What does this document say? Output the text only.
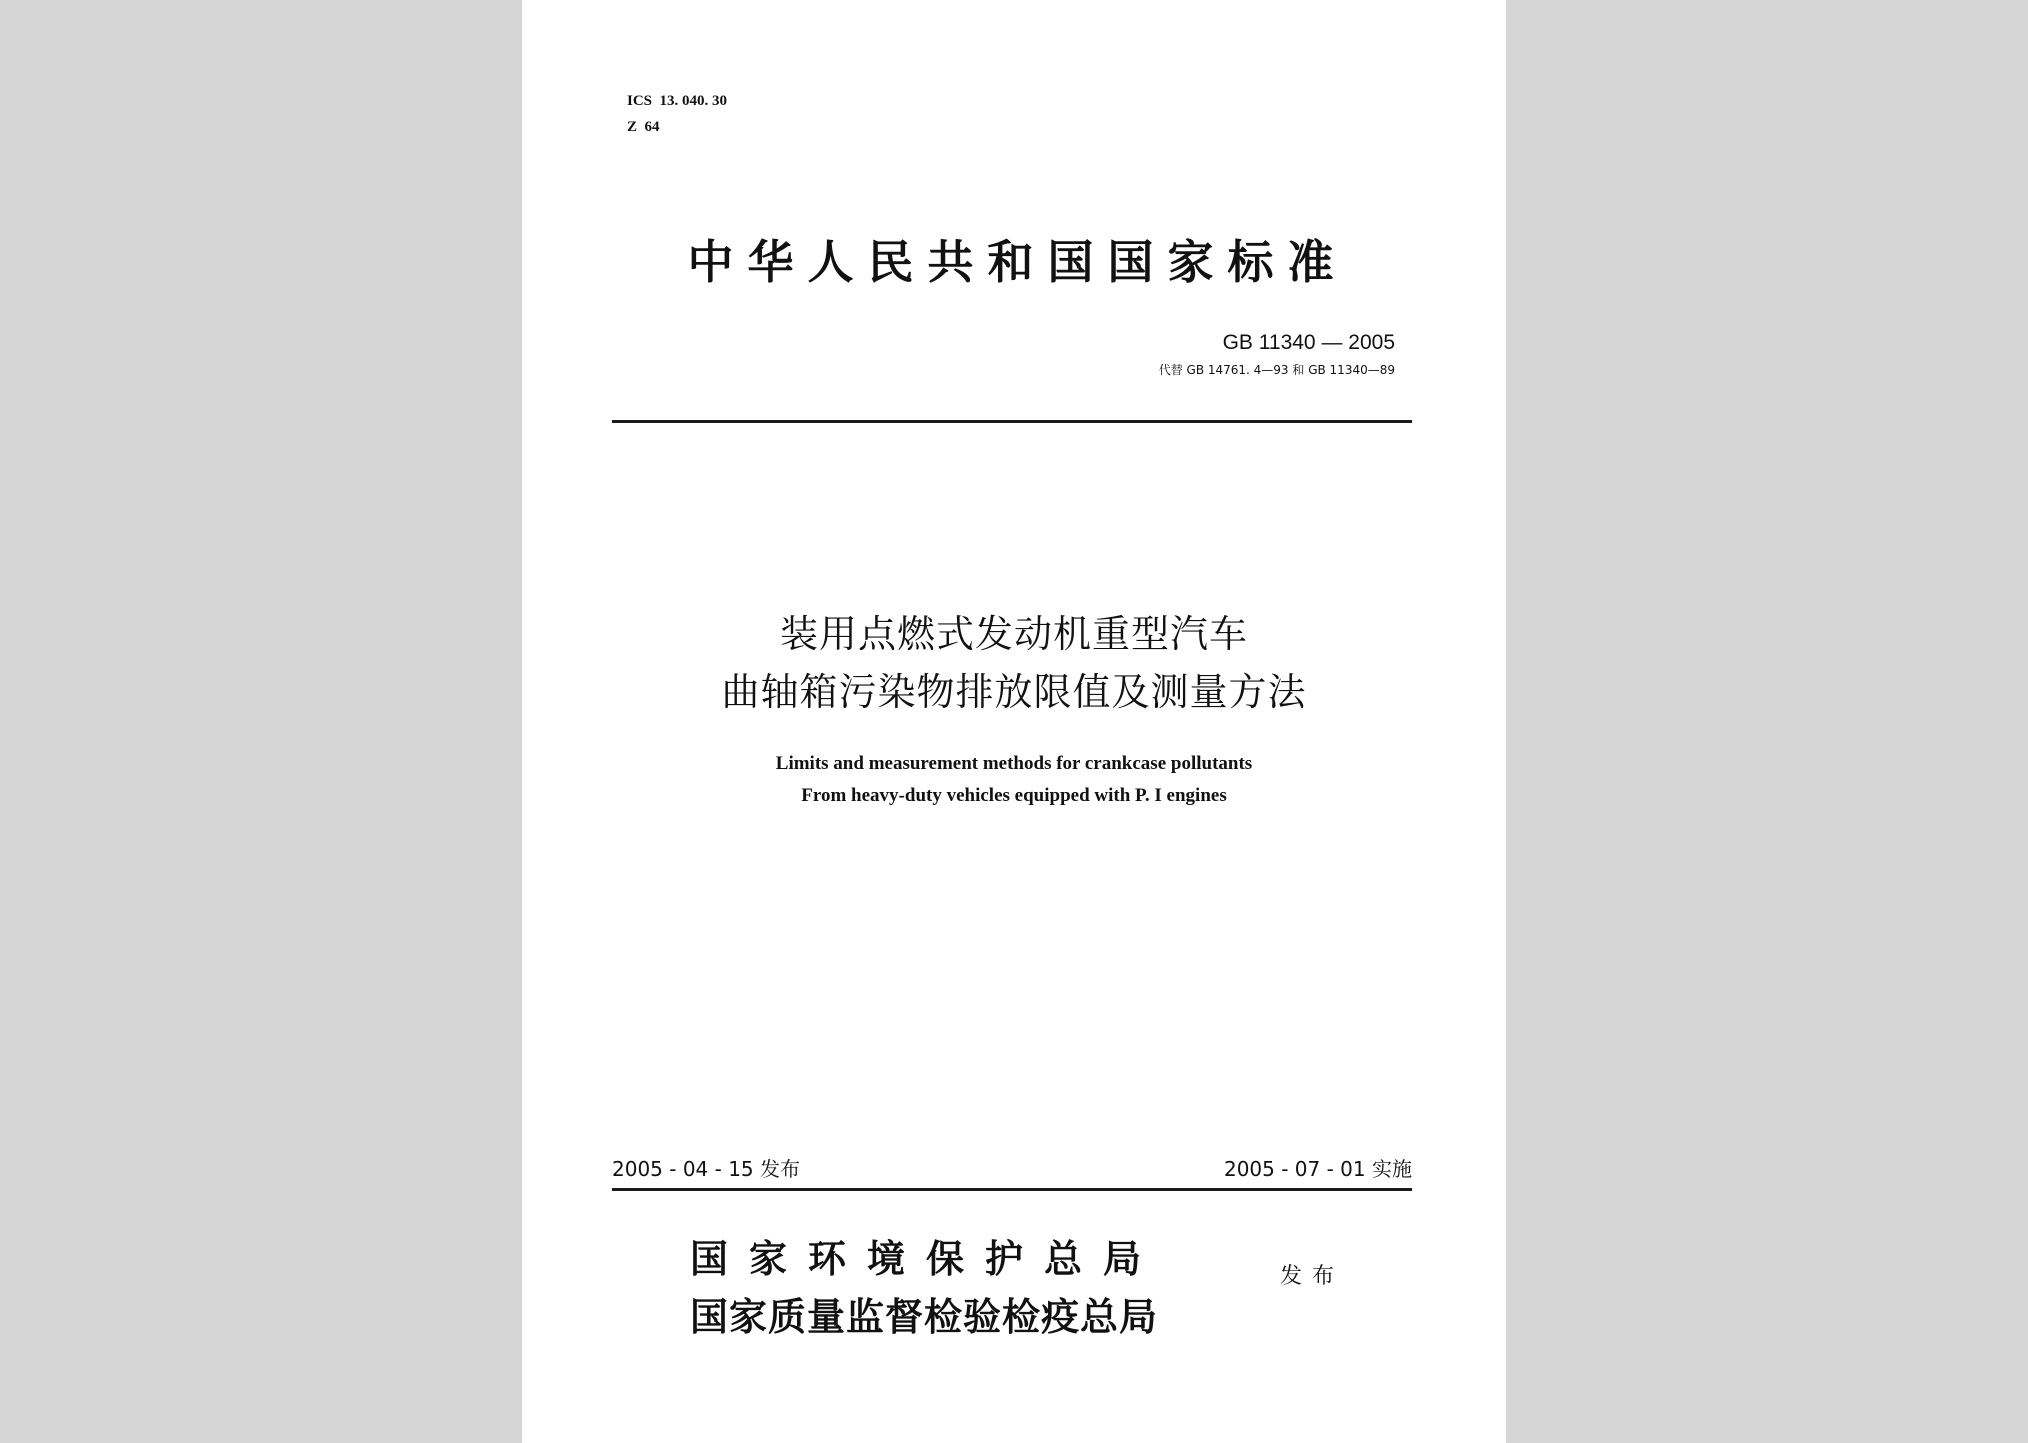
ICS  13. 040. 30
Z  64
中华人民共和国国家标准
GB 11340 — 2005
代替 GB 14761. 4—93 和 GB 11340—89
装用点燃式发动机重型汽车
曲轴箱污染物排放限值及测量方法
Limits and measurement methods for crankcase pollutants
From heavy-duty vehicles equipped with P. I engines
2005 - 04 - 15 发布	2005 - 07 - 01 实施
国家环境保护总局
国家质量监督检验检疫总局
发布
